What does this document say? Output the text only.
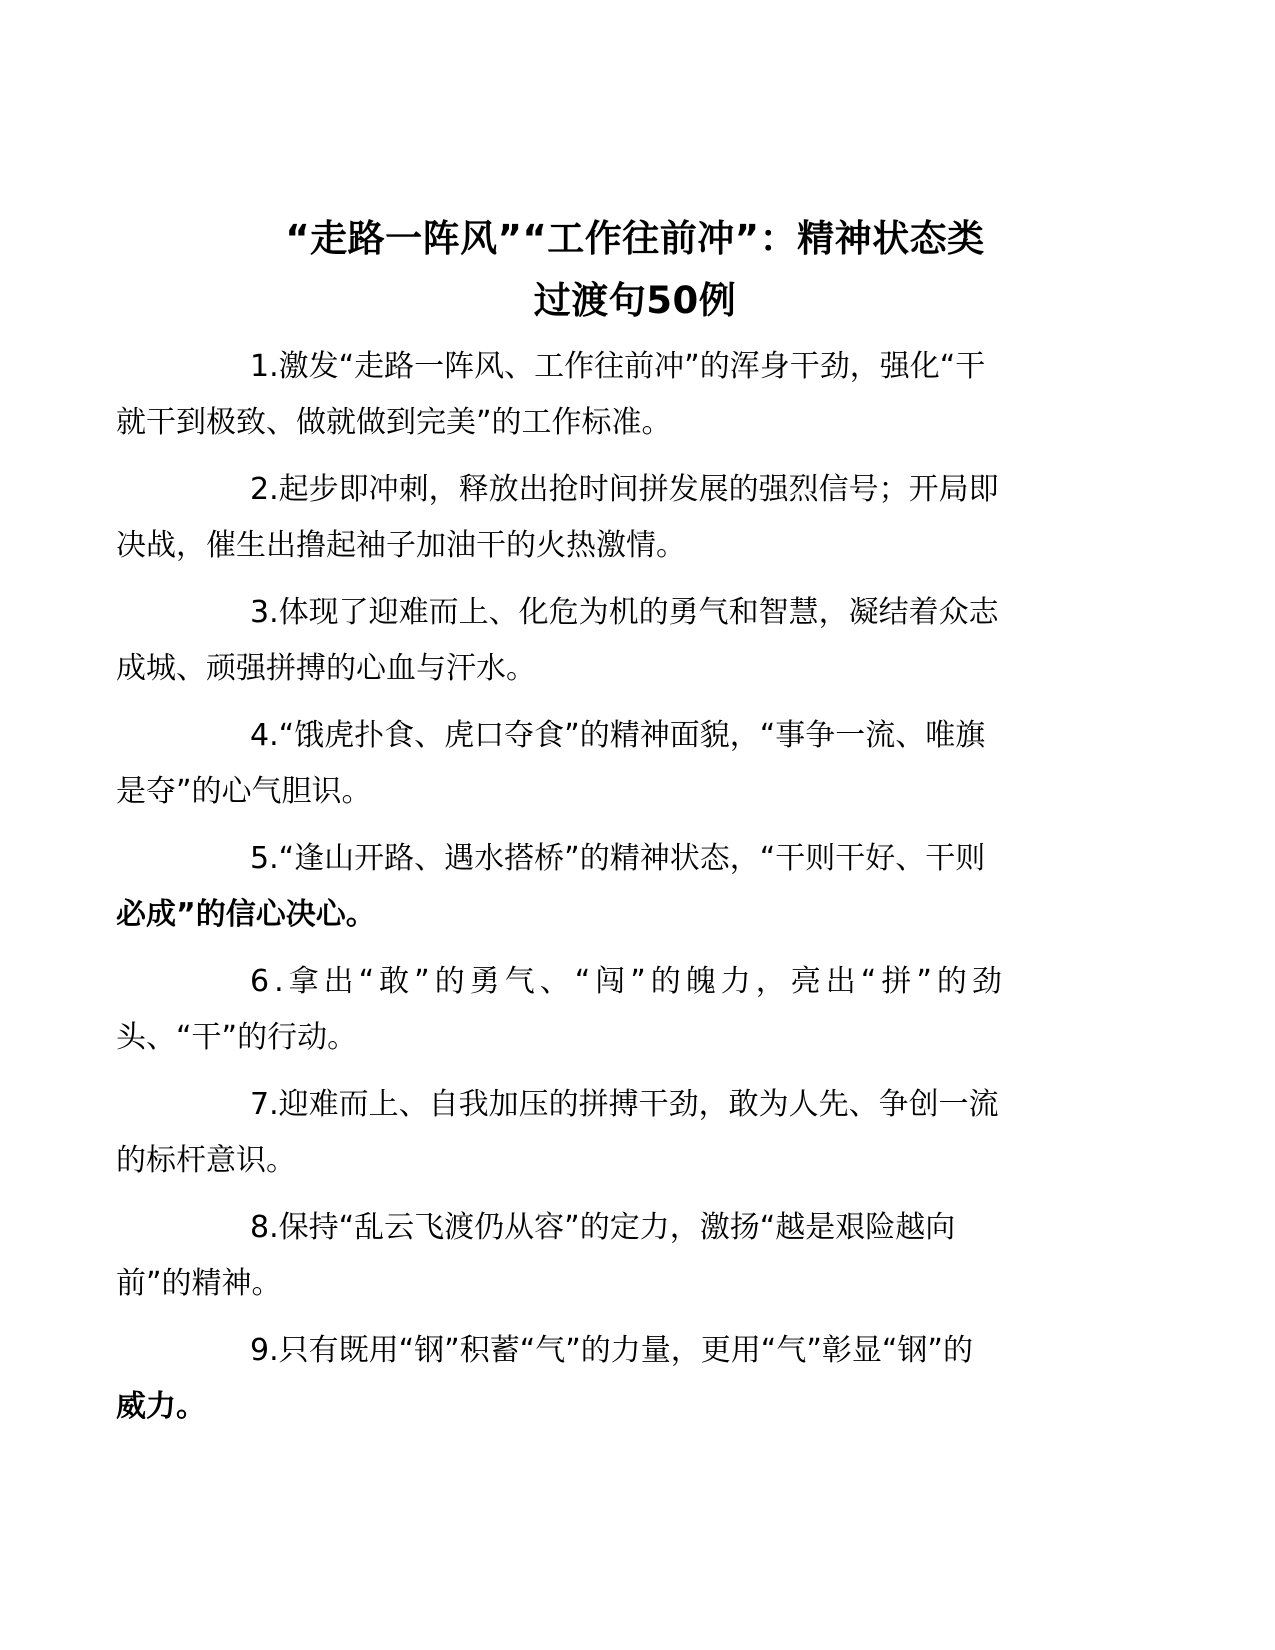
“走路一阵风”“工作往前冲”：精神状态类
过渡句50例

1.激发“走路一阵风、工作往前冲”的浑身干劲，强化“干
就干到极致、做就做到完美”的工作标准。

2.起步即冲刺，释放出抢时间拼发展的强烈信号；开局即
决战，催生出撸起袖子加油干的火热激情。

3.体现了迎难而上、化危为机的勇气和智慧，凝结着众志
成城、顽强拼搏的心血与汗水。

4.“饿虎扑食、虎口夺食”的精神面貌，“事争一流、唯旗
是夺”的心气胆识。

5.“逢山开路、遇水搭桥”的精神状态，“干则干好、干则
必成”的信心决心。

6.拿出“敢”的勇气、“闯”的魄力，亮出“拼”的劲
头、“干”的行动。

7.迎难而上、自我加压的拼搏干劲，敢为人先、争创一流
的标杆意识。

8.保持“乱云飞渡仍从容”的定力，激扬“越是艰险越向
前”的精神。

9.只有既用“钢”积蓄“气”的力量，更用“气”彰显“钢”的
威力。
